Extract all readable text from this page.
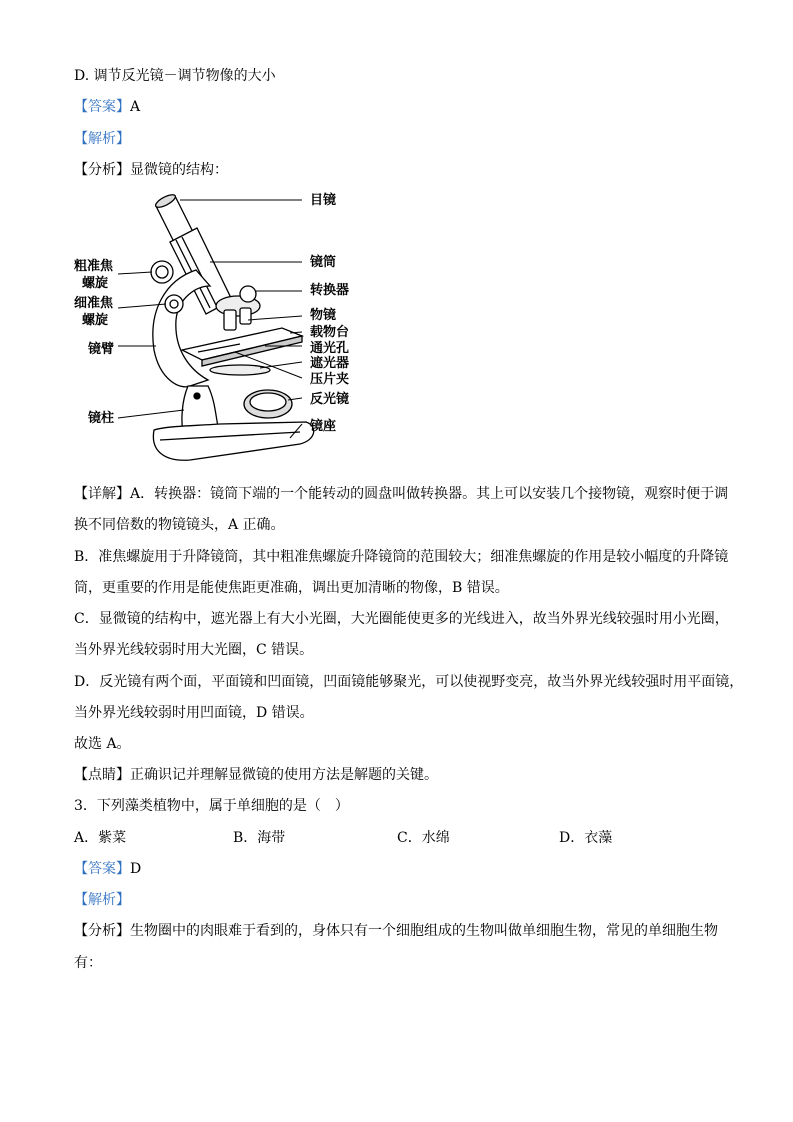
D. 调节反光镜－调节物像的大小
【答案】A
【解析】
【分析】显微镜的结构：
目镜
镜筒
转换器
物镜
载物台
通光孔
遮光器
压片夹
反光镜
镜座
粗准焦
螺旋
细准焦
螺旋
镜臂
镜柱
【详解】A．转换器：镜筒下端的一个能转动的圆盘叫做转换器。其上可以安装几个接物镜，观察时便于调
换不同倍数的物镜镜头，A 正确。
B．准焦螺旋用于升降镜筒，其中粗准焦螺旋升降镜筒的范围较大；细准焦螺旋的作用是较小幅度的升降镜
筒，更重要的作用是能使焦距更准确，调出更加清晰的物像，B 错误。
C．显微镜的结构中，遮光器上有大小光圈，大光圈能使更多的光线进入，故当外界光线较强时用小光圈，
当外界光线较弱时用大光圈，C 错误。
D．反光镜有两个面，平面镜和凹面镜，凹面镜能够聚光，可以使视野变亮，故当外界光线较强时用平面镜，
当外界光线较弱时用凹面镜，D 错误。
故选 A。
【点睛】正确识记并理解显微镜的使用方法是解题的关键。
3．下列藻类植物中，属于单细胞的是（　）
A．紫菜	B．海带	C．水绵	D．衣藻
【答案】D
【解析】
【分析】生物圈中的肉眼难于看到的，身体只有一个细胞组成的生物叫做单细胞生物，常见的单细胞生物
有：
